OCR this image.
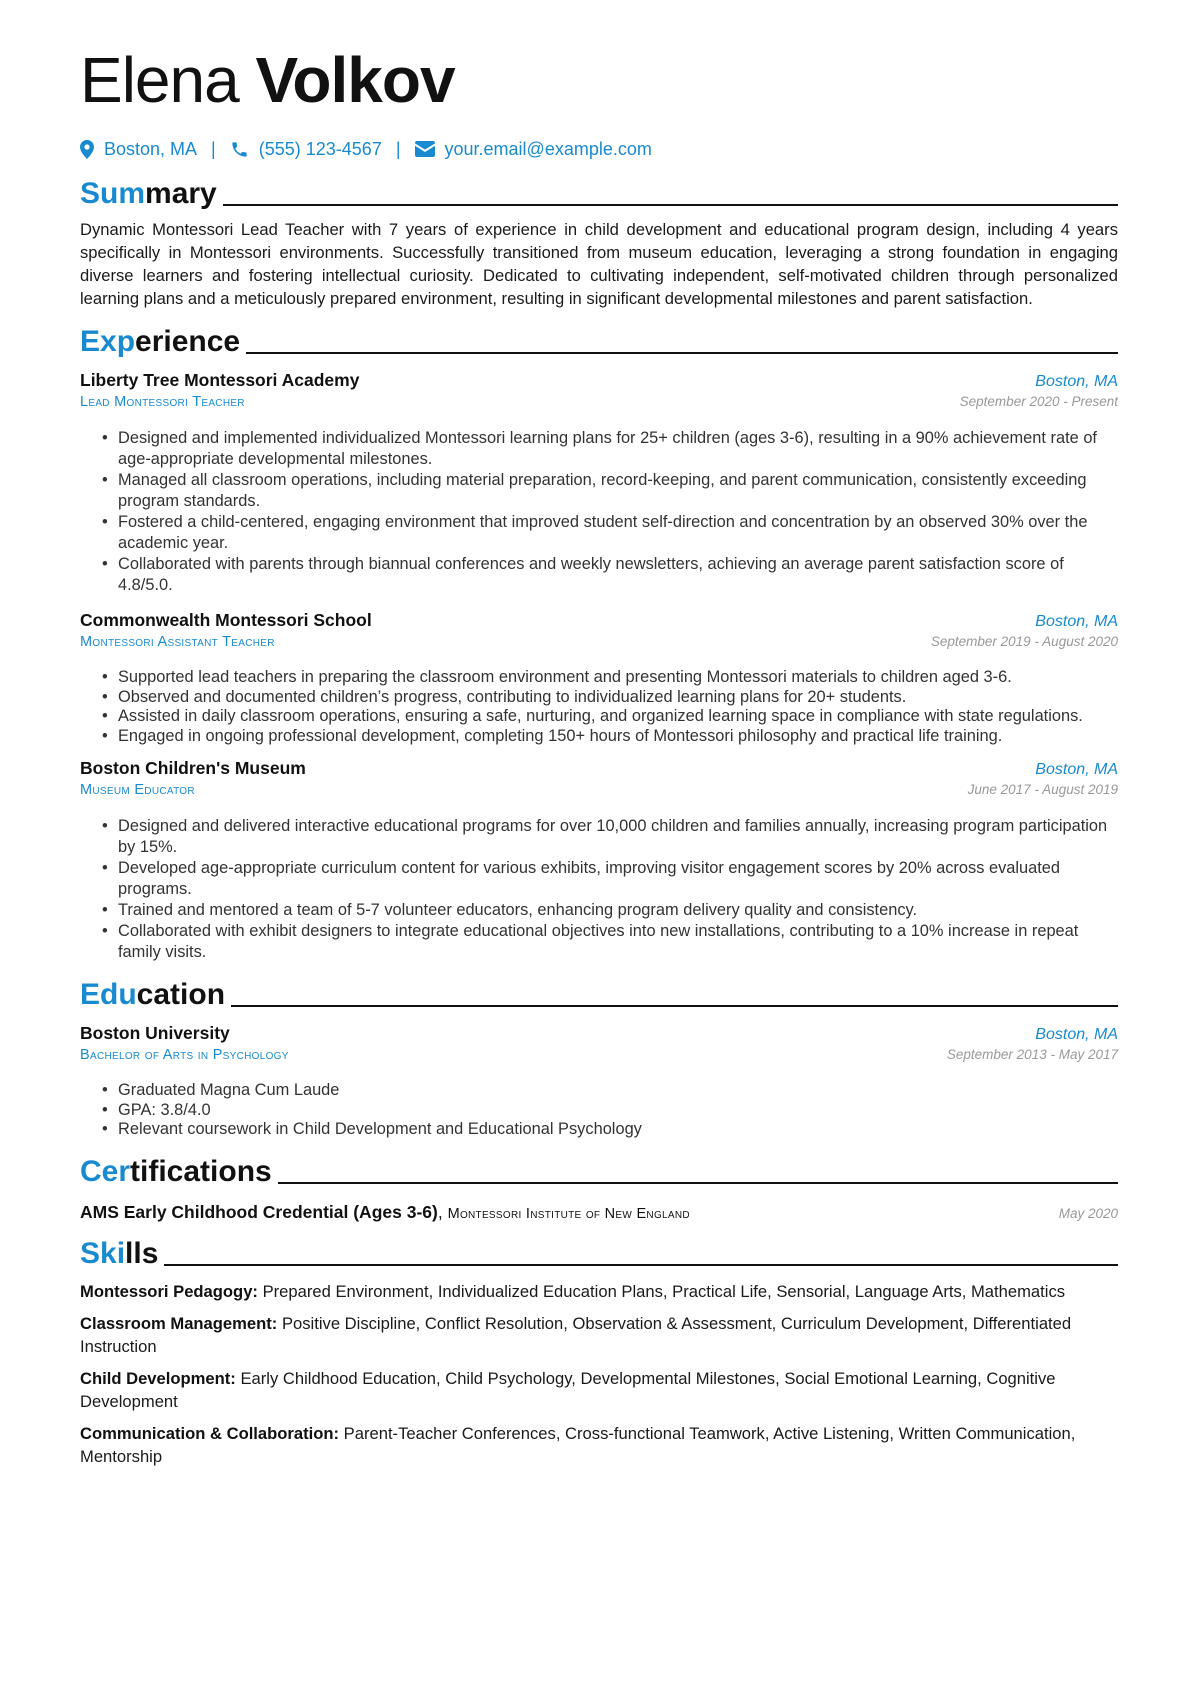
Elena Volkov
Boston, MA | (555) 123-4567 | your.email@example.com
Summary
Dynamic Montessori Lead Teacher with 7 years of experience in child development and educational program design, including 4 years specifically in Montessori environments. Successfully transitioned from museum education, leveraging a strong foundation in engaging diverse learners and fostering intellectual curiosity. Dedicated to cultivating independent, self-motivated children through personalized learning plans and a meticulously prepared environment, resulting in significant developmental milestones and parent satisfaction.
Experience
Liberty Tree Montessori Academy	Boston, MA
Lead Montessori Teacher	September 2020 - Present
• Designed and implemented individualized Montessori learning plans for 25+ children (ages 3-6), resulting in a 90% achievement rate of age-appropriate developmental milestones.
• Managed all classroom operations, including material preparation, record-keeping, and parent communication, consistently exceeding program standards.
• Fostered a child-centered, engaging environment that improved student self-direction and concentration by an observed 30% over the academic year.
• Collaborated with parents through biannual conferences and weekly newsletters, achieving an average parent satisfaction score of 4.8/5.0.
Commonwealth Montessori School	Boston, MA
Montessori Assistant Teacher	September 2019 - August 2020
• Supported lead teachers in preparing the classroom environment and presenting Montessori materials to children aged 3-6.
• Observed and documented children’s progress, contributing to individualized learning plans for 20+ students.
• Assisted in daily classroom operations, ensuring a safe, nurturing, and organized learning space in compliance with state regulations.
• Engaged in ongoing professional development, completing 150+ hours of Montessori philosophy and practical life training.
Boston Children's Museum	Boston, MA
Museum Educator	June 2017 - August 2019
• Designed and delivered interactive educational programs for over 10,000 children and families annually, increasing program participation by 15%.
• Developed age-appropriate curriculum content for various exhibits, improving visitor engagement scores by 20% across evaluated programs.
• Trained and mentored a team of 5-7 volunteer educators, enhancing program delivery quality and consistency.
• Collaborated with exhibit designers to integrate educational objectives into new installations, contributing to a 10% increase in repeat family visits.
Education
Boston University	Boston, MA
Bachelor of Arts in Psychology	September 2013 - May 2017
• Graduated Magna Cum Laude
• GPA: 3.8/4.0
• Relevant coursework in Child Development and Educational Psychology
Certifications
AMS Early Childhood Credential (Ages 3-6), Montessori Institute of New England	May 2020
Skills
Montessori Pedagogy: Prepared Environment, Individualized Education Plans, Practical Life, Sensorial, Language Arts, Mathematics
Classroom Management: Positive Discipline, Conflict Resolution, Observation & Assessment, Curriculum Development, Differentiated Instruction
Child Development: Early Childhood Education, Child Psychology, Developmental Milestones, Social Emotional Learning, Cognitive Development
Communication & Collaboration: Parent-Teacher Conferences, Cross-functional Teamwork, Active Listening, Written Communication, Mentorship
